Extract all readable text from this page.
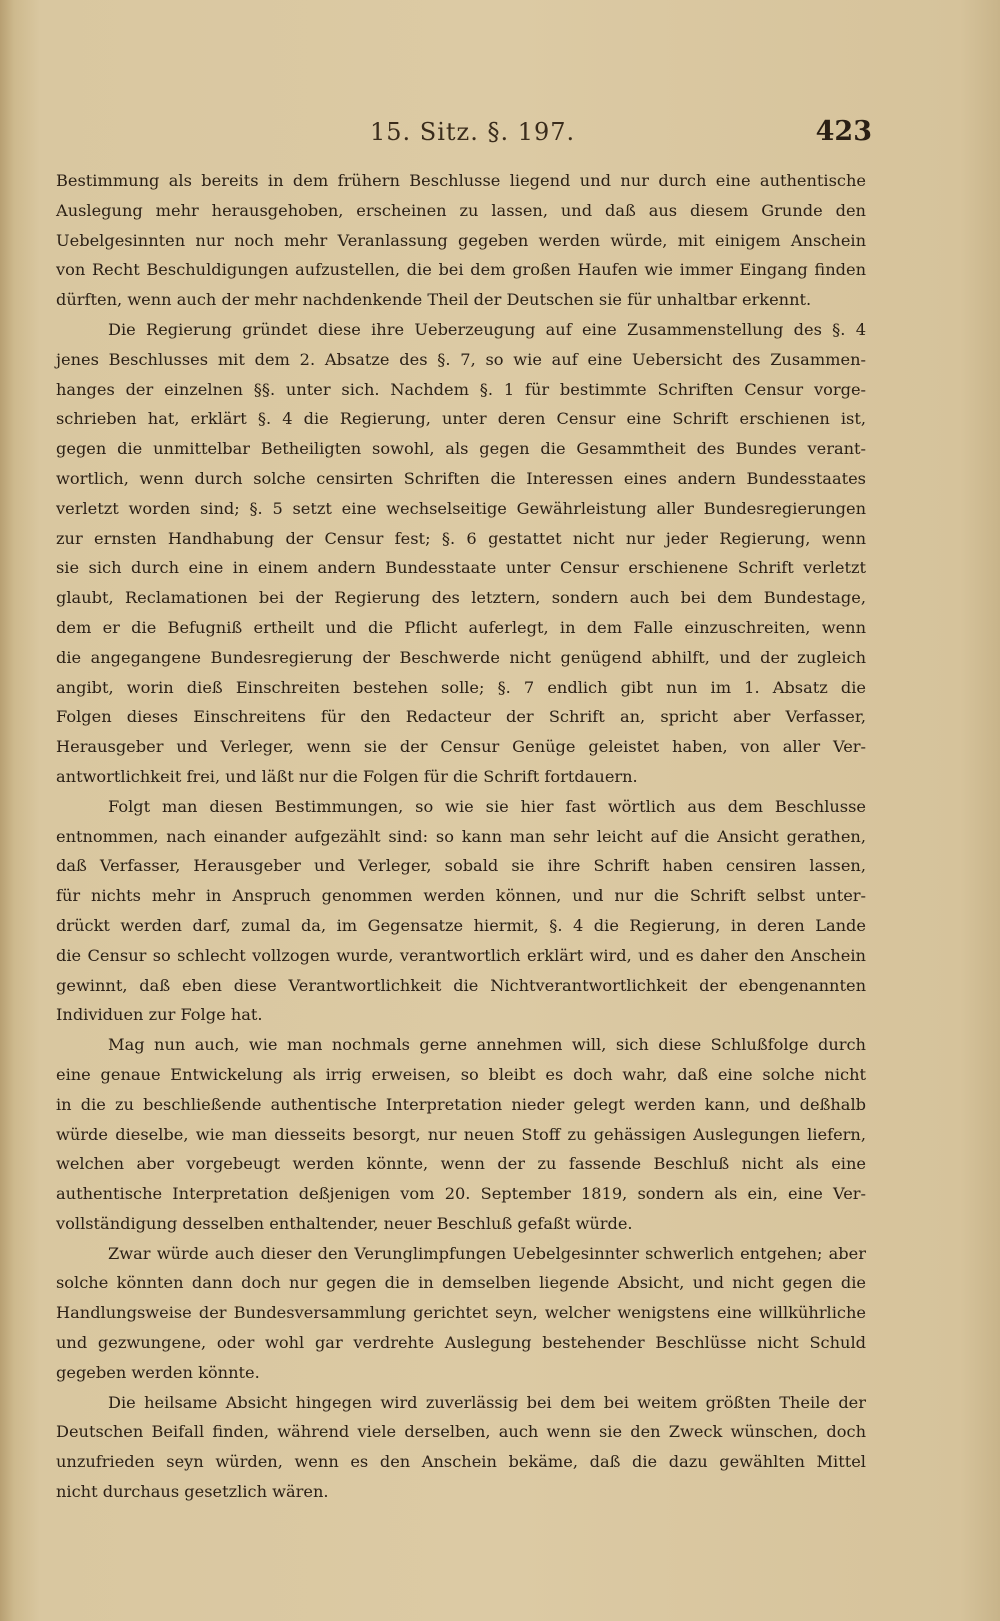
15. Sitz. §. 197.	423
Bestimmung als bereits in dem frühern Beschlusse liegend und nur durch eine authentische
Auslegung mehr herausgehoben, erscheinen zu lassen, und daß aus diesem Grunde den
Uebelgesinnten nur noch mehr Veranlassung gegeben werden würde, mit einigem Anschein
von Recht Beschuldigungen aufzustellen, die bei dem großen Haufen wie immer Eingang finden
dürften, wenn auch der mehr nachdenkende Theil der Deutschen sie für unhaltbar erkennt.
Die Regierung gründet diese ihre Ueberzeugung auf eine Zusammenstellung des §. 4
jenes Beschlusses mit dem 2. Absatze des §. 7, so wie auf eine Uebersicht des Zusammen-
hanges der einzelnen §§. unter sich. Nachdem §. 1 für bestimmte Schriften Censur vorge-
schrieben hat, erklärt §. 4 die Regierung, unter deren Censur eine Schrift erschienen ist,
gegen die unmittelbar Betheiligten sowohl, als gegen die Gesammtheit des Bundes verant-
wortlich, wenn durch solche censirten Schriften die Interessen eines andern Bundesstaates
verletzt worden sind; §. 5 setzt eine wechselseitige Gewährleistung aller Bundesregierungen
zur ernsten Handhabung der Censur fest; §. 6 gestattet nicht nur jeder Regierung, wenn
sie sich durch eine in einem andern Bundesstaate unter Censur erschienene Schrift verletzt
glaubt, Reclamationen bei der Regierung des letztern, sondern auch bei dem Bundestage,
dem er die Befugniß ertheilt und die Pflicht auferlegt, in dem Falle einzuschreiten, wenn
die angegangene Bundesregierung der Beschwerde nicht genügend abhilft, und der zugleich
angibt, worin dieß Einschreiten bestehen solle; §. 7 endlich gibt nun im 1. Absatz die
Folgen dieses Einschreitens für den Redacteur der Schrift an, spricht aber Verfasser,
Herausgeber und Verleger, wenn sie der Censur Genüge geleistet haben, von aller Ver-
antwortlichkeit frei, und läßt nur die Folgen für die Schrift fortdauern.
Folgt man diesen Bestimmungen, so wie sie hier fast wörtlich aus dem Beschlusse
entnommen, nach einander aufgezählt sind: so kann man sehr leicht auf die Ansicht gerathen,
daß Verfasser, Herausgeber und Verleger, sobald sie ihre Schrift haben censiren lassen,
für nichts mehr in Anspruch genommen werden können, und nur die Schrift selbst unter-
drückt werden darf, zumal da, im Gegensatze hiermit, §. 4 die Regierung, in deren Lande
die Censur so schlecht vollzogen wurde, verantwortlich erklärt wird, und es daher den Anschein
gewinnt, daß eben diese Verantwortlichkeit die Nichtverantwortlichkeit der ebengenannten
Individuen zur Folge hat.
Mag nun auch, wie man nochmals gerne annehmen will, sich diese Schlußfolge durch
eine genaue Entwickelung als irrig erweisen, so bleibt es doch wahr, daß eine solche nicht
in die zu beschließende authentische Interpretation nieder gelegt werden kann, und deßhalb
würde dieselbe, wie man diesseits besorgt, nur neuen Stoff zu gehässigen Auslegungen liefern,
welchen aber vorgebeugt werden könnte, wenn der zu fassende Beschluß nicht als eine
authentische Interpretation deßjenigen vom 20. September 1819, sondern als ein, eine Ver-
vollständigung desselben enthaltender, neuer Beschluß gefaßt würde.
Zwar würde auch dieser den Verunglimpfungen Uebelgesinnter schwerlich entgehen; aber
solche könnten dann doch nur gegen die in demselben liegende Absicht, und nicht gegen die
Handlungsweise der Bundesversammlung gerichtet seyn, welcher wenigstens eine willkührliche
und gezwungene, oder wohl gar verdrehte Auslegung bestehender Beschlüsse nicht Schuld
gegeben werden könnte.
Die heilsame Absicht hingegen wird zuverlässig bei dem bei weitem größten Theile der
Deutschen Beifall finden, während viele derselben, auch wenn sie den Zweck wünschen, doch
unzufrieden seyn würden, wenn es den Anschein bekäme, daß die dazu gewählten Mittel
nicht durchaus gesetzlich wären.
